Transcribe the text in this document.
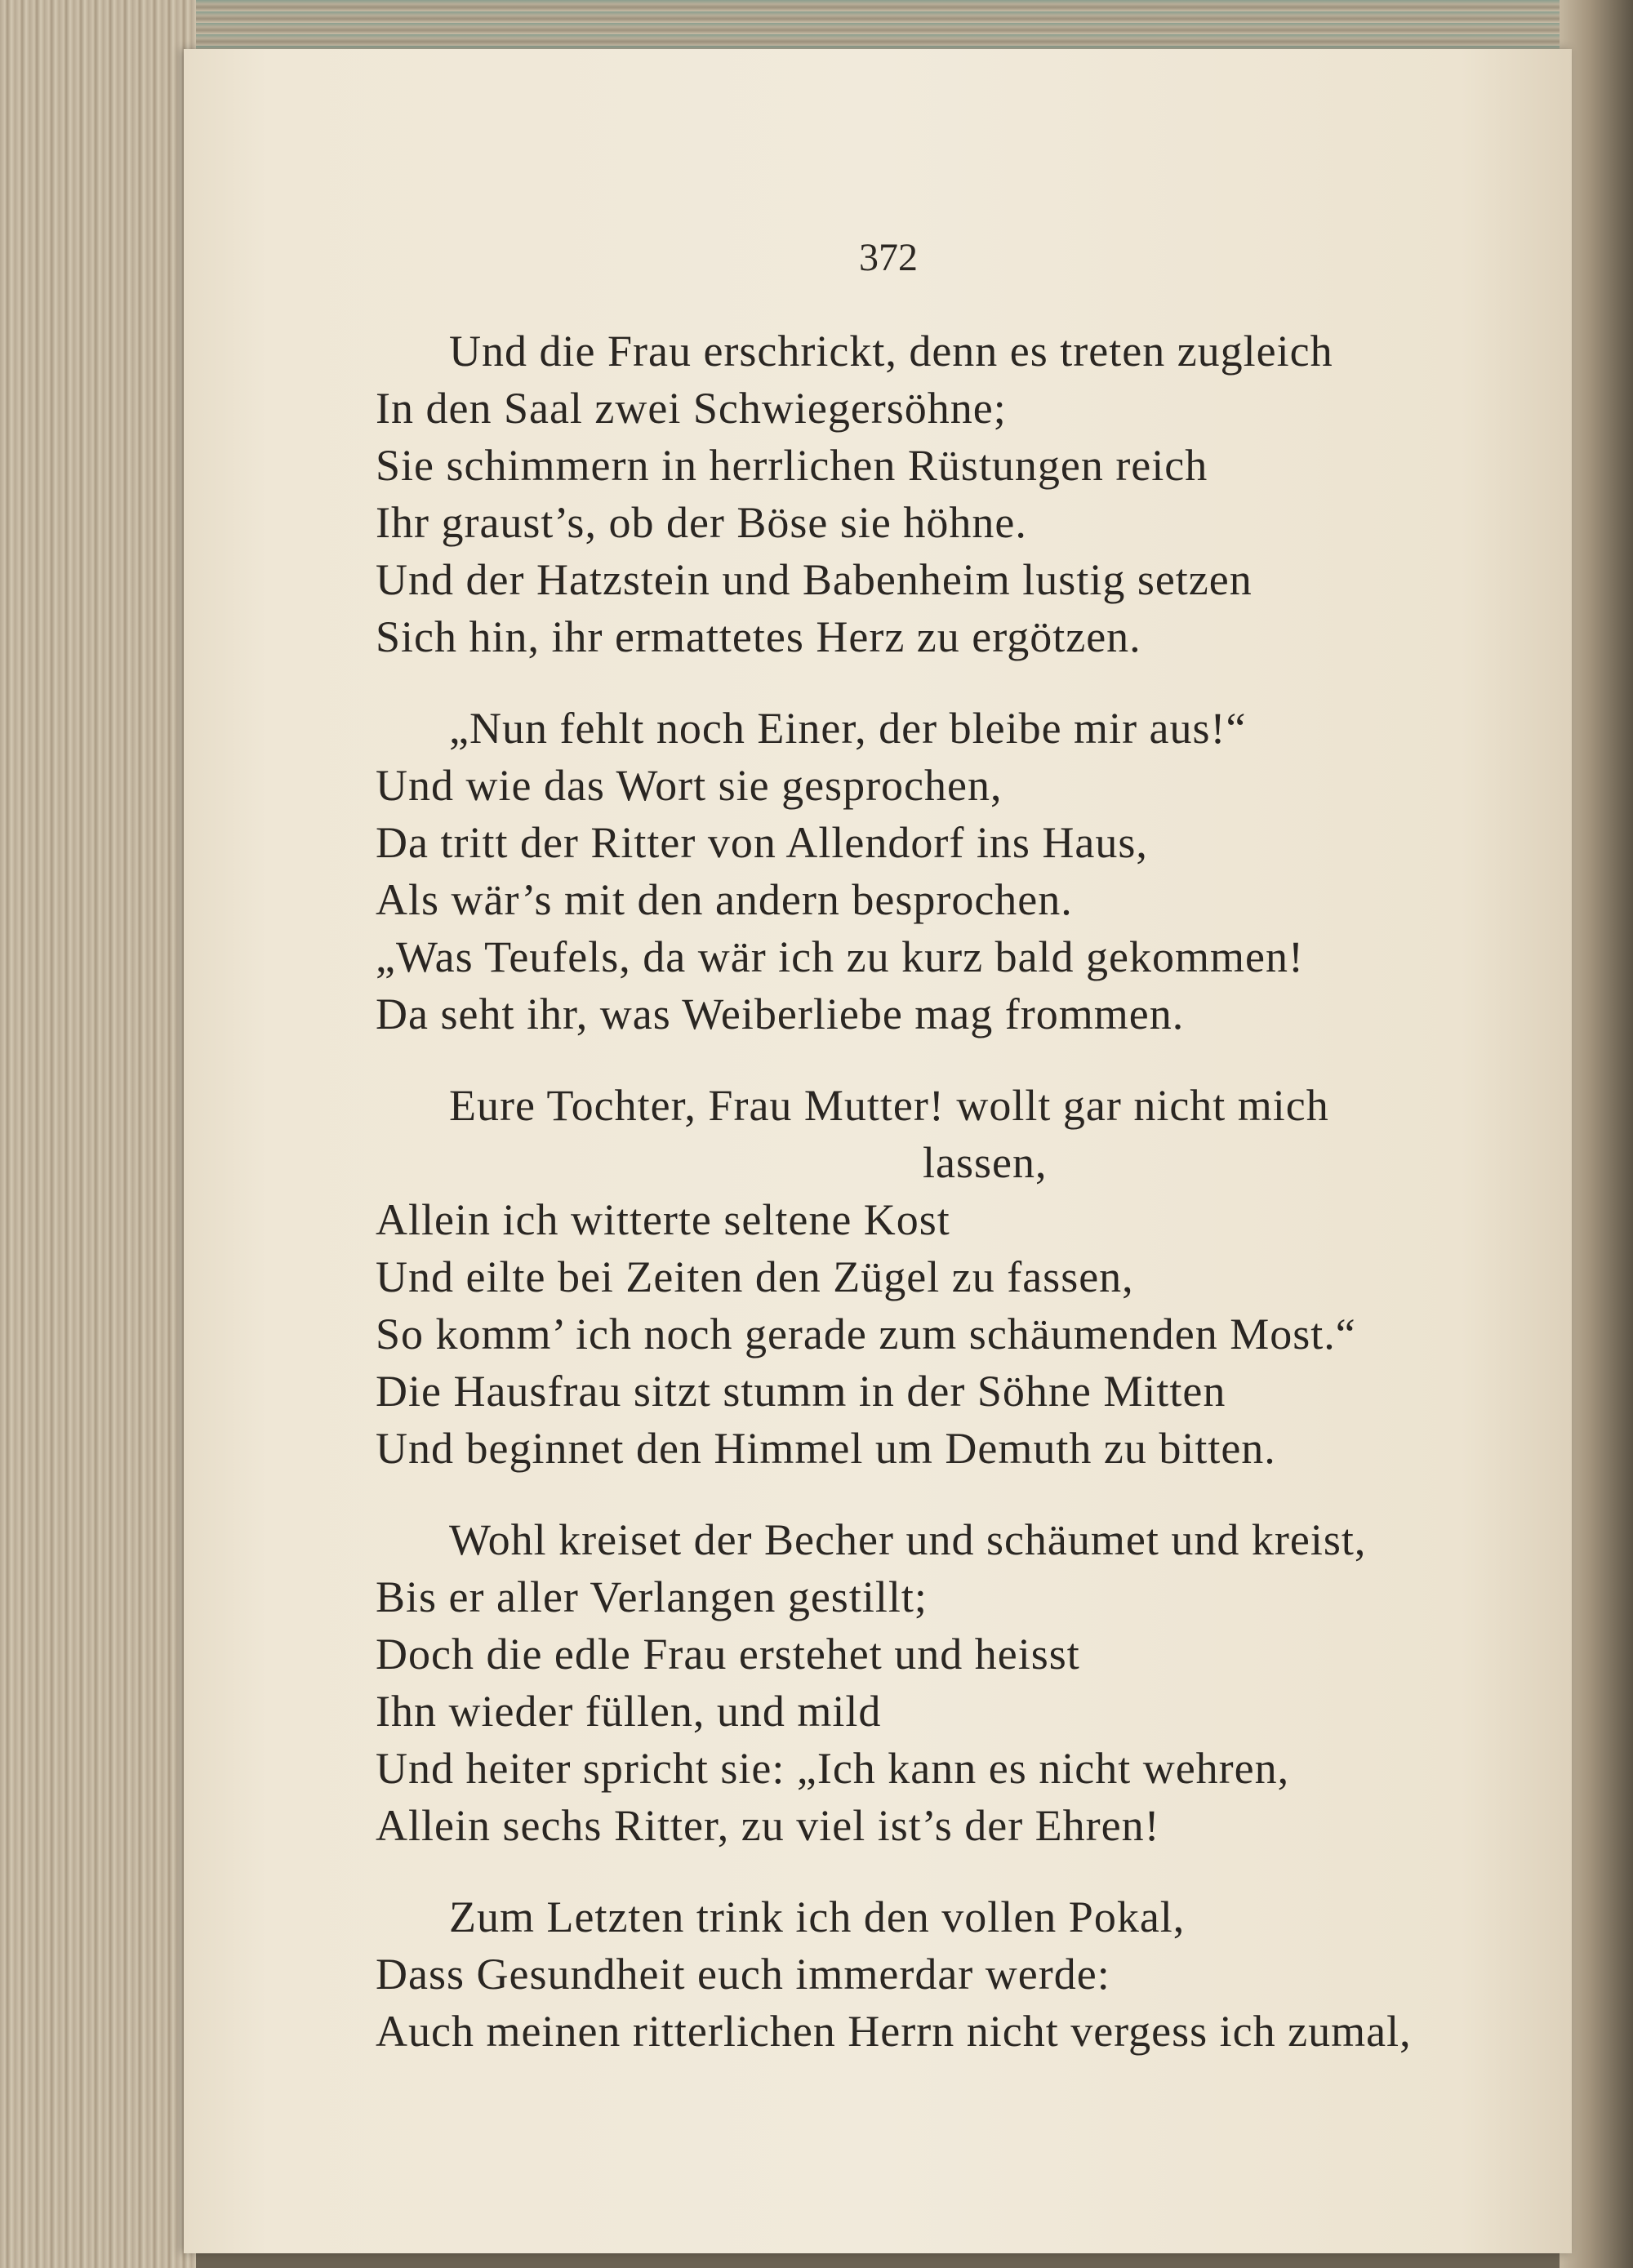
372
Und die Frau erschrickt, denn es treten zugleich
In den Saal zwei Schwiegersöhne;
Sie schimmern in herrlichen Rüstungen reich
Ihr graust’s, ob der Böse sie höhne.
Und der Hatzstein und Babenheim lustig setzen
Sich hin, ihr ermattetes Herz zu ergötzen.
„Nun fehlt noch Einer, der bleibe mir aus!“
Und wie das Wort sie gesprochen,
Da tritt der Ritter von Allendorf ins Haus,
Als wär’s mit den andern besprochen.
„Was Teufels, da wär ich zu kurz bald gekommen!
Da seht ihr, was Weiberliebe mag frommen.
Eure Tochter, Frau Mutter! wollt gar nicht mich
lassen,
Allein ich witterte seltene Kost
Und eilte bei Zeiten den Zügel zu fassen,
So komm’ ich noch gerade zum schäumenden Most.“
Die Hausfrau sitzt stumm in der Söhne Mitten
Und beginnet den Himmel um Demuth zu bitten.
Wohl kreiset der Becher und schäumet und kreist,
Bis er aller Verlangen gestillt;
Doch die edle Frau erstehet und heisst
Ihn wieder füllen, und mild
Und heiter spricht sie: „Ich kann es nicht wehren,
Allein sechs Ritter, zu viel ist’s der Ehren!
Zum Letzten trink ich den vollen Pokal,
Dass Gesundheit euch immerdar werde:
Auch meinen ritterlichen Herrn nicht vergess ich zumal,
